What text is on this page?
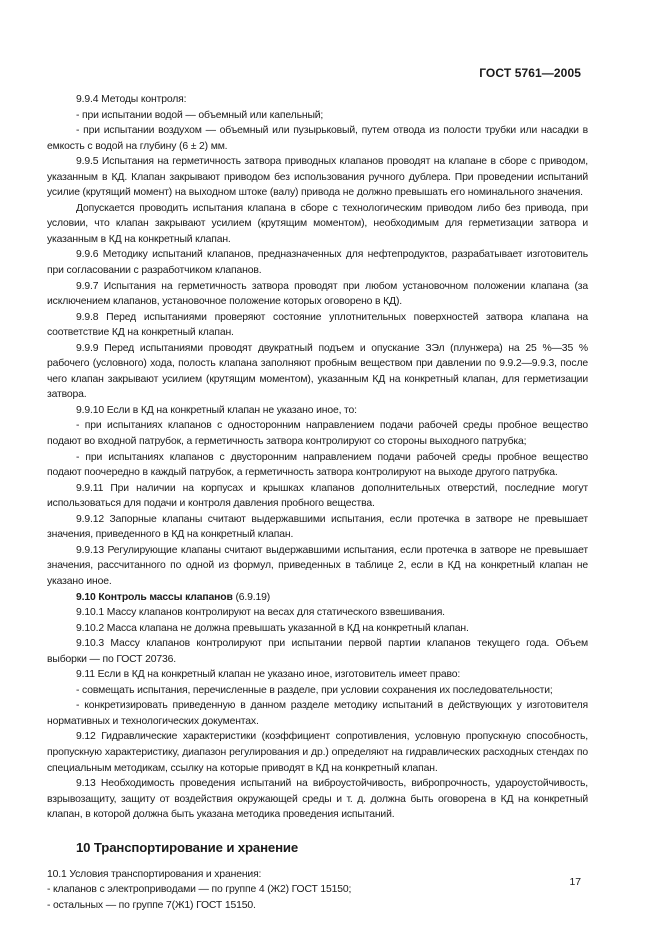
ГОСТ 5761—2005

9.9.4 Методы контроля:

- при испытании водой — объемный или капельный;

- при испытании воздухом — объемный или пузырьковый, путем отвода из полости трубки или насадки в емкость с водой на глубину (6 ± 2) мм.

9.9.5 Испытания на герметичность затвора приводных клапанов проводят на клапане в сборе с приводом, указанным в КД. Клапан закрывают приводом без использования ручного дублера. При проведении испытаний усилие (крутящий момент) на выходном штоке (валу) привода не должно превышать его номинального значения.

Допускается проводить испытания клапана в сборе с технологическим приводом либо без привода, при условии, что клапан закрывают усилием (крутящим моментом), необходимым для герметизации затвора и указанным в КД на конкретный клапан.

9.9.6 Методику испытаний клапанов, предназначенных для нефтепродуктов, разрабатывает изготовитель при согласовании с разработчиком клапанов.

9.9.7 Испытания на герметичность затвора проводят при любом установочном положении клапана (за исключением клапанов, установочное положение которых оговорено в КД).

9.9.8 Перед испытаниями проверяют состояние уплотнительных поверхностей затвора клапана на соответствие КД на конкретный клапан.

9.9.9 Перед испытаниями проводят двукратный подъем и опускание ЗЭл (плунжера) на 25 %—35 % рабочего (условного) хода, полость клапана заполняют пробным веществом при давлении по 9.9.2—9.9.3, после чего клапан закрывают усилием (крутящим моментом), указанным КД на конкретный клапан, для герметизации затвора.

9.9.10 Если в КД на конкретный клапан не указано иное, то:

- при испытаниях клапанов с односторонним направлением подачи рабочей среды пробное вещество подают во входной патрубок, а герметичность затвора контролируют со стороны выходного патрубка;

- при испытаниях клапанов с двусторонним направлением подачи рабочей среды пробное вещество подают поочередно в каждый патрубок, а герметичность затвора контролируют на выходе другого патрубка.

9.9.11 При наличии на корпусах и крышках клапанов дополнительных отверстий, последние могут использоваться для подачи и контроля давления пробного вещества.

9.9.12 Запорные клапаны считают выдержавшими испытания, если протечка в затворе не превышает значения, приведенного в КД на конкретный клапан.

9.9.13 Регулирующие клапаны считают выдержавшими испытания, если протечка в затворе не превышает значения, рассчитанного по одной из формул, приведенных в таблице 2, если в КД на конкретный клапан не указано иное.

9.10 Контроль массы клапанов (6.9.19)

9.10.1 Массу клапанов контролируют на весах для статического взвешивания.

9.10.2 Масса клапана не должна превышать указанной в КД на конкретный клапан.

9.10.3 Массу клапанов контролируют при испытании первой партии клапанов текущего года. Объем выборки — по ГОСТ 20736.

9.11 Если в КД на конкретный клапан не указано иное, изготовитель имеет право:

- совмещать испытания, перечисленные в разделе, при условии сохранения их последовательности;

- конкретизировать приведенную в данном разделе методику испытаний в действующих у изготовителя нормативных и технологических документах.

9.12 Гидравлические характеристики (коэффициент сопротивления, условную пропускную способность, пропускную характеристику, диапазон регулирования и др.) определяют на гидравлических расходных стендах по специальным методикам, ссылку на которые приводят в КД на конкретный клапан.

9.13 Необходимость проведения испытаний на виброустойчивость, вибропрочность, удароустойчивость, взрывозащиту, защиту от воздействия окружающей среды и т. д. должна быть оговорена в КД на конкретный клапан, в которой должна быть указана методика проведения испытаний.

10 Транспортирование и хранение

10.1 Условия транспортирования и хранения:

- клапанов с электроприводами — по группе 4 (Ж2) ГОСТ 15150;

- остальных — по группе 7(Ж1) ГОСТ 15150.

17
